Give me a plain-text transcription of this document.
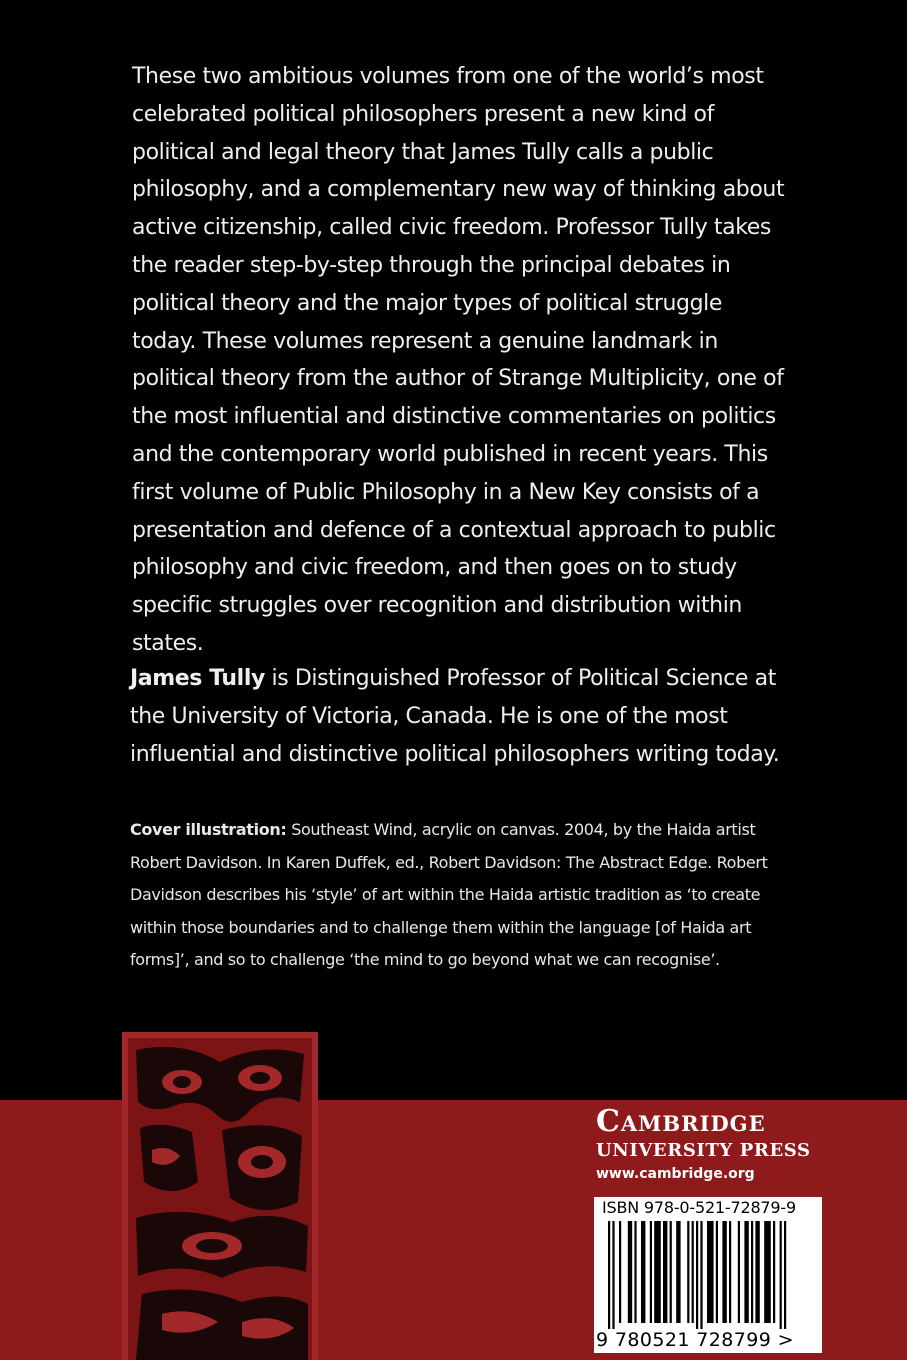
These two ambitious volumes from one of the world’s most celebrated political philosophers present a new kind of political and legal theory that James Tully calls a public philosophy, and a complementary new way of thinking about active citizenship, called civic freedom. Professor Tully takes the reader step-by-step through the principal debates in political theory and the major types of political struggle today. These volumes represent a genuine landmark in political theory from the author of Strange Multiplicity, one of the most influential and distinctive commentaries on politics and the contemporary world published in recent years. This first volume of Public Philosophy in a New Key consists of a presentation and defence of a contextual approach to public philosophy and civic freedom, and then goes on to study specific struggles over recognition and distribution within states.

James Tully is Distinguished Professor of Political Science at the University of Victoria, Canada. He is one of the most influential and distinctive political philosophers writing today.

Cover illustration: Southeast Wind, acrylic on canvas. 2004, by the Haida artist Robert Davidson. In Karen Duffek, ed., Robert Davidson: The Abstract Edge. Robert Davidson describes his ‘style’ of art within the Haida artistic tradition as ‘to create within those boundaries and to challenge them within the language [of Haida art forms]’, and so to challenge ‘the mind to go beyond what we can recognise’.

Cambridge
UNIVERSITY PRESS
www.cambridge.org
ISBN 978-0-521-72879-9
9 780521 728799 >
